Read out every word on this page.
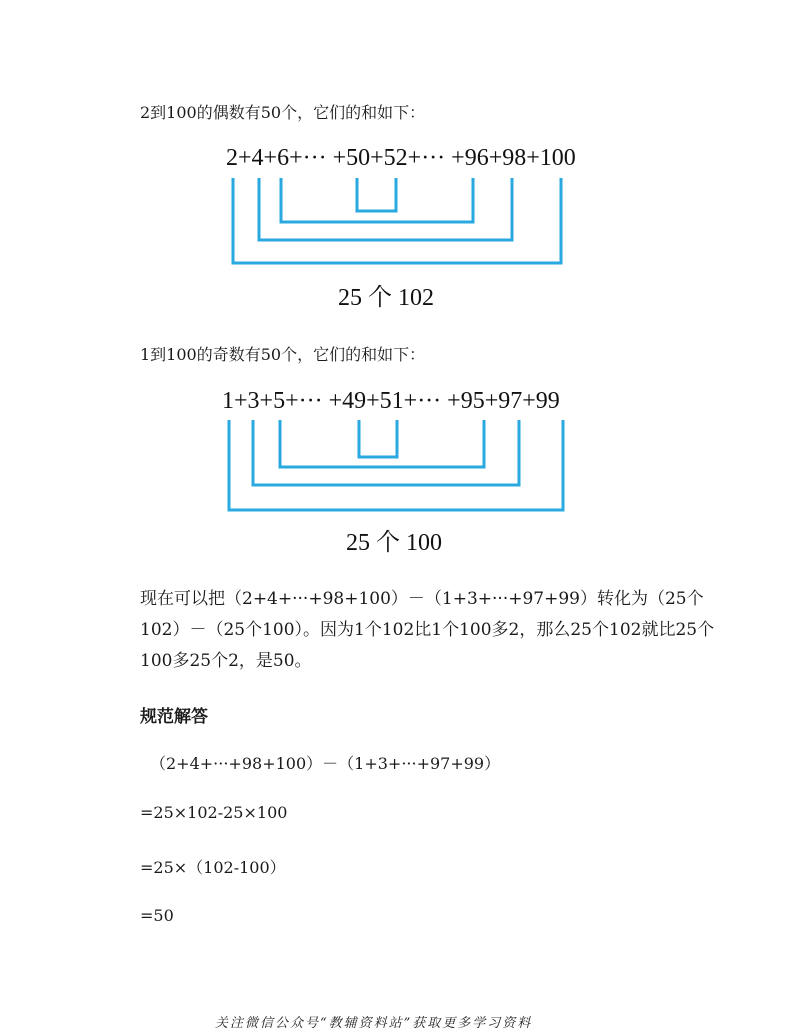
2到100的偶数有50个，它们的和如下：
2+4+6+··· +50+52+··· +96+98+100
25 个 102
1到100的奇数有50个，它们的和如下：
1+3+5+··· +49+51+··· +95+97+99
25 个 100
现在可以把（2+4+···+98+100）－（1+3+···+97+99）转化为（25个
102）－（25个100）。因为1个102比1个100多2，那么25个102就比25个
100多25个2，是50。
规范解答
（2+4+···+98+100）－（1+3+···+97+99）
=25×102-25×100
=25×（102-100）
=50
关注微信公众号“教辅资料站”获取更多学习资料
